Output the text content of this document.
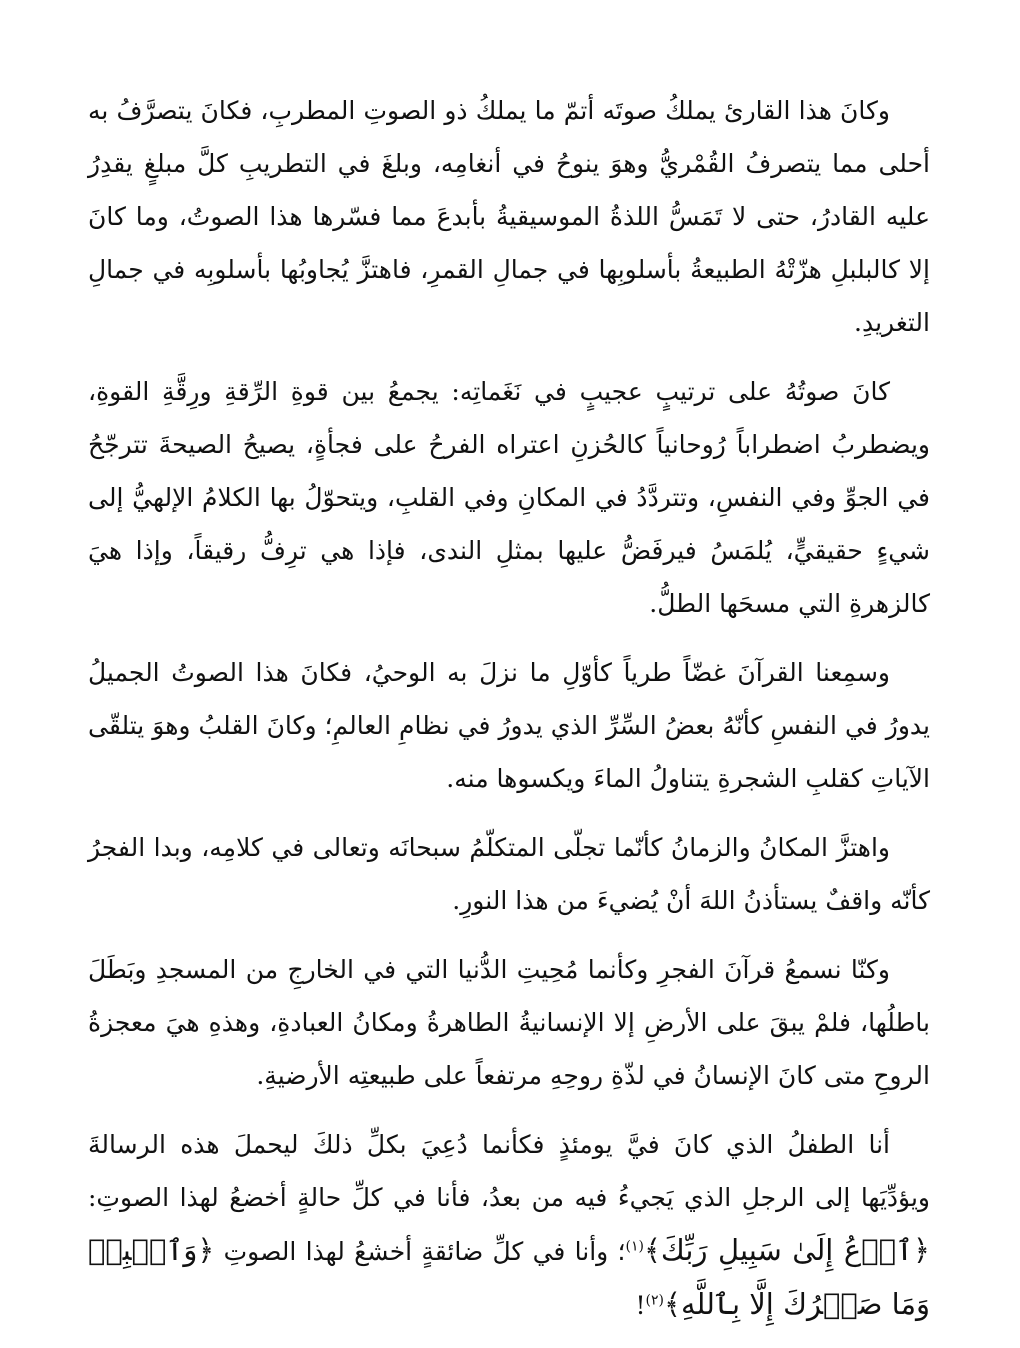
وكانَ هذا القارئ يملكُ صوتَه أتمّ ما يملكُ ذو الصوتِ المطربِ، فكانَ يتصرَّفُ به أحلى مما يتصرفُ القُمْريُّ وهوَ ينوحُ في أنغامِه، وبلغَ في التطريبِ كلَّ مبلغٍ يقدِرُ عليه القادرُ، حتى لا تَمَسُّ اللذةُ الموسيقيةُ بأبدعَ مما فسّرها هذا الصوتُ، وما كانَ إلا كالبلبلِ هزّتْهُ الطبيعةُ بأسلوبِها في جمالِ القمرِ، فاهتزَّ يُجاوبُها بأسلوبِه في جمالِ التغريدِ.

كانَ صوتُهُ على ترتيبٍ عجيبٍ في نَغَماتِه: يجمعُ بين قوةِ الرِّقةِ ورِقَّةِ القوةِ، ويضطربُ اضطراباً رُوحانياً كالحُزنِ اعتراه الفرحُ على فجأةٍ، يصيحُ الصيحةَ تترجّحُ في الجوِّ وفي النفسِ، وتتردَّدُ في المكانِ وفي القلبِ، ويتحوّلُ بها الكلامُ الإلهيُّ إلى شيءٍ حقيقيٍّ، يُلمَسُ فيرفَضُّ عليها بمثلِ الندى، فإذا هي ترِفُّ رقيقاً، وإذا هيَ كالزهرةِ التي مسحَها الطلُّ.

وسمِعنا القرآنَ غضّاً طرياً كأوّلِ ما نزلَ به الوحيُ، فكانَ هذا الصوتُ الجميلُ يدورُ في النفسِ كأنّهُ بعضُ السِّرِّ الذي يدورُ في نظامِ العالمِ؛ وكانَ القلبُ وهوَ يتلقّى الآياتِ كقلبِ الشجرةِ يتناولُ الماءَ ويكسوها منه.

واهتزَّ المكانُ والزمانُ كأنّما تجلّى المتكلّمُ سبحانَه وتعالى في كلامِه، وبدا الفجرُ كأنّه واقفٌ يستأذنُ اللهَ أنْ يُضيءَ من هذا النورِ.

وكنّا نسمعُ قرآنَ الفجرِ وكأنما مُحِيتِ الدُّنيا التي في الخارجِ من المسجدِ وبَطَلَ باطلُها، فلمْ يبقَ على الأرضِ إلا الإنسانيةُ الطاهرةُ ومكانُ العبادةِ، وهذهِ هيَ معجزةُ الروحِ متى كانَ الإنسانُ في لذّةِ روحِهِ مرتفعاً على طبيعتِه الأرضيةِ.

أنا الطفلُ الذي كانَ فيَّ يومئذٍ فكأنما دُعِيَ بكلِّ ذلكَ ليحملَ هذه الرسالةَ ويؤدِّيَها إلى الرجلِ الذي يَجيءُ فيه من بعدُ، فأنا في كلِّ حالةٍ أخضعُ لهذا الصوتِ: ﴿ٱدۡعُ إِلَىٰ سَبِيلِ رَبِّكَ﴾$^{(١)}$؛ وأنا في كلِّ ضائقةٍ أخشعُ لهذا الصوتِ ﴿وَٱصۡبِرۡ وَمَا صَبۡرُكَ إِلَّا بِٱللَّهِ﴾$^{(٢)}$!
